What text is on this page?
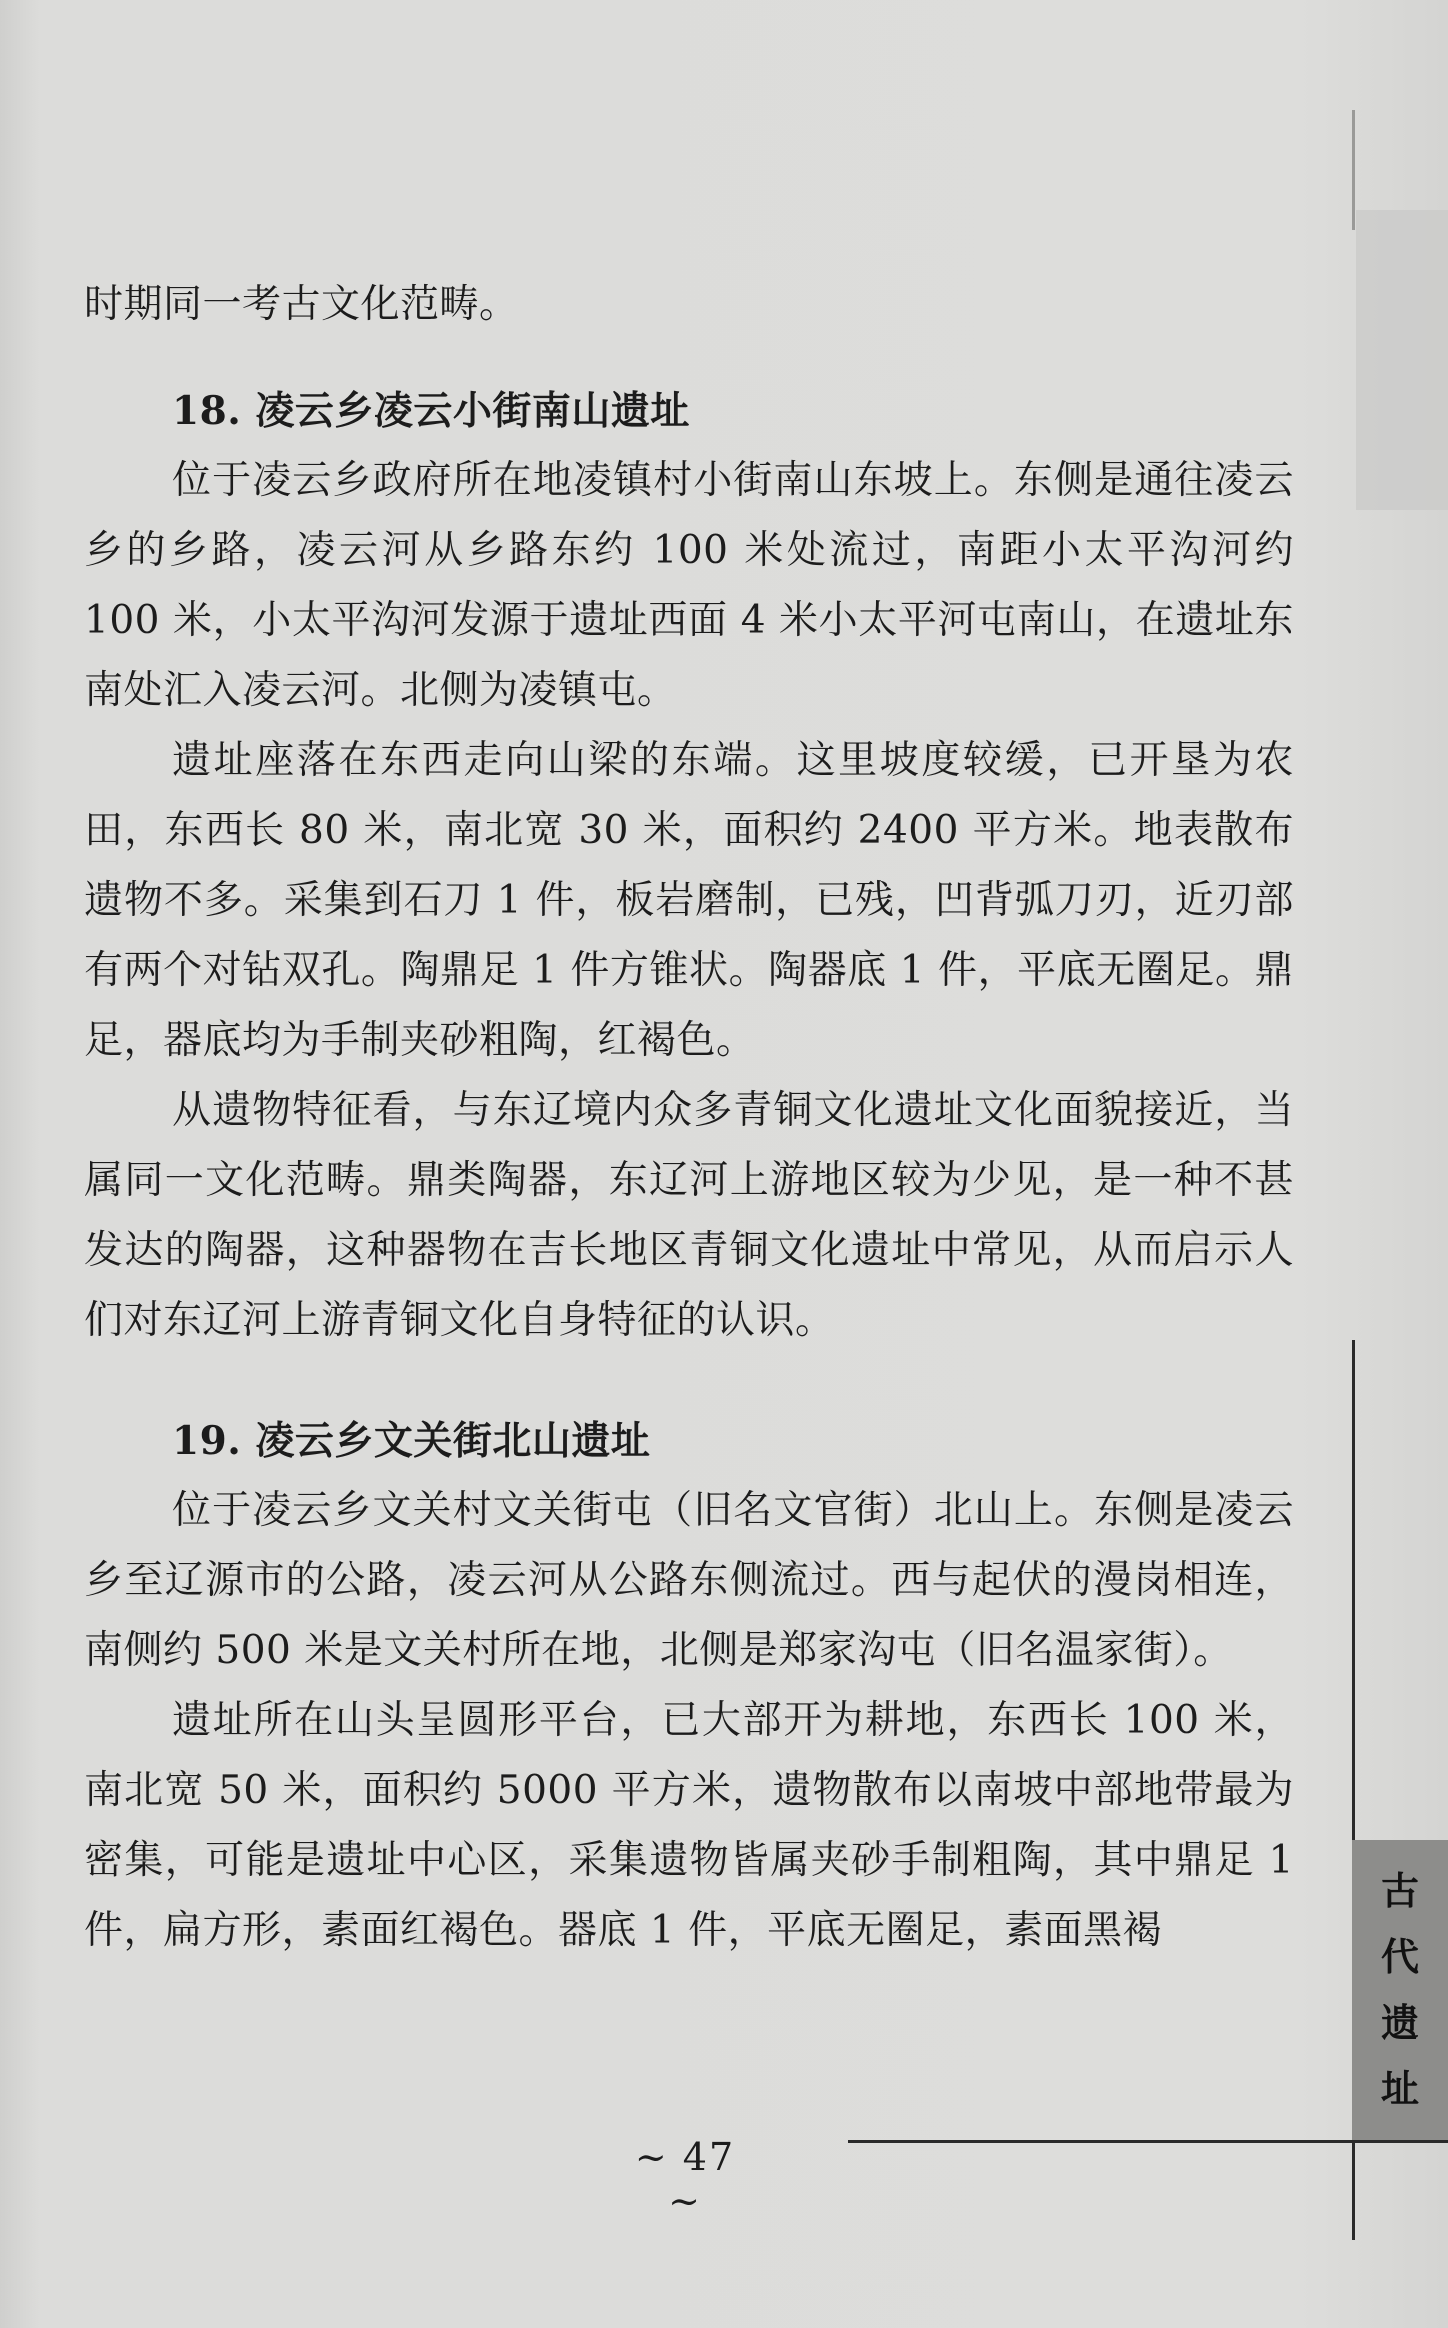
时期同一考古文化范畴。

18. 凌云乡凌云小街南山遗址

位于凌云乡政府所在地凌镇村小街南山东坡上。东侧是通往凌云乡的乡路，凌云河从乡路东约 100 米处流过，南距小太平沟河约 100 米，小太平沟河发源于遗址西面 4 米小太平河屯南山，在遗址东南处汇入凌云河。北侧为凌镇屯。

遗址座落在东西走向山梁的东端。这里坡度较缓，已开垦为农田，东西长 80 米，南北宽 30 米，面积约 2400 平方米。地表散布遗物不多。采集到石刀 1 件，板岩磨制，已残，凹背弧刀刃，近刃部有两个对钻双孔。陶鼎足 1 件方锥状。陶器底 1 件，平底无圈足。鼎足，器底均为手制夹砂粗陶，红褐色。

从遗物特征看，与东辽境内众多青铜文化遗址文化面貌接近，当属同一文化范畴。鼎类陶器，东辽河上游地区较为少见，是一种不甚发达的陶器，这种器物在吉长地区青铜文化遗址中常见，从而启示人们对东辽河上游青铜文化自身特征的认识。

19. 凌云乡文关街北山遗址

位于凌云乡文关村文关街屯（旧名文官街）北山上。东侧是凌云乡至辽源市的公路，凌云河从公路东侧流过。西与起伏的漫岗相连，南侧约 500 米是文关村所在地，北侧是郑家沟屯（旧名温家街）。

遗址所在山头呈圆形平台，已大部开为耕地，东西长 100 米，南北宽 50 米，面积约 5000 平方米，遗物散布以南坡中部地带最为密集，可能是遗址中心区，采集遗物皆属夹砂手制粗陶，其中鼎足 1 件，扁方形，素面红褐色。器底 1 件，平底无圈足，素面黑褐

古
代
遗
址
~ 47 ~
